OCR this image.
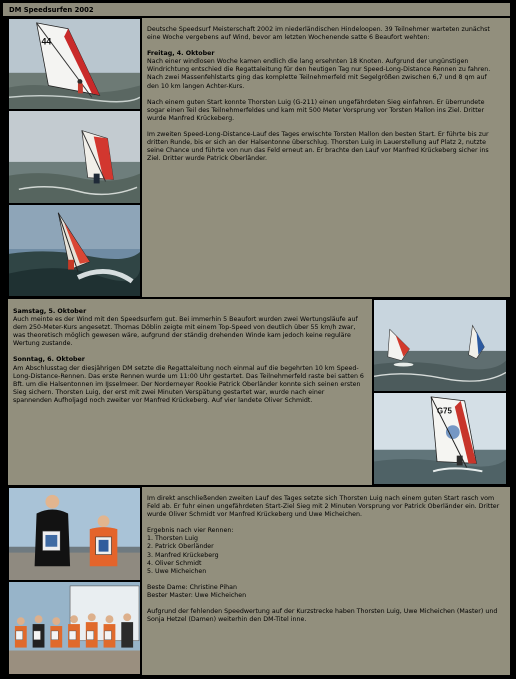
DM Speedsurfen 2002
44

Deutsche Speedsurf Meisterschaft 2002 im niederländischen Hindeloopen. 39 Teilnehmer warteten zunächst eine Woche vergebens auf Wind, bevor am letzten Wochenende satte 6 Beaufort wehten:

Freitag, 4. Oktober

Nach einer windlosen Woche kamen endlich die lang ersehnten 18 Knoten. Aufgrund der ungünstigen Windrichtung entschied die Regattaleitung für den heutigen Tag nur Speed-Long-Distance Rennen zu fahren. Nach zwei Massenfehlstarts ging das komplette Teilnehmerfeld mit Segelgrößen zwischen 6,7 und 8 qm auf den 10 km langen Achter-Kurs.

Nach einem guten Start konnte Thorsten Luig (G-211) einen ungefährdeten Sieg einfahren. Er überrundete sogar einen Teil des Teilnehmerfeldes und kam mit 500 Meter Vorsprung vor Torsten Mallon ins Ziel. Dritter wurde Manfred Krückeberg.

Im zweiten Speed-Long-Distance-Lauf des Tages erwischte Torsten Mallon den besten Start. Er führte bis zur dritten Runde, bis er sich an der Halsentonne überschlug. Thorsten Luig in Lauerstellung auf Platz 2, nutzte seine Chance und führte von nun das Feld erneut an. Er brachte den Lauf vor Manfred Krückeberg sicher ins Ziel. Dritter wurde Patrick Oberländer.

Samstag, 5. Oktober

Auch meinte es der Wind mit den Speedsurfern gut. Bei immerhin 5 Beaufort wurden zwei Wertungsläufe auf dem 250-Meter-Kurs angesetzt. Thomas Döblin zeigte mit einem Top-Speed von deutlich über 55 km/h zwar, was theoretisch möglich gewesen wäre, aufgrund der ständig drehenden Winde kam jedoch keine reguläre Wertung zustande.

Sonntag, 6. Oktober

Am Abschlusstag der diesjährigen DM setzte die Regattaleitung noch einmal auf die begehrten 10 km Speed-Long-Distance-Rennen. Das erste Rennen wurde um 11:00 Uhr gestartet. Das Teilnehmerfeld raste bei satten 6 Bft. um die Halsentonnen im IJsselmeer. Der Norderneyer Rookie Patrick Oberländer konnte sich seinen ersten Sieg sichern. Thorsten Luig, der erst mit zwei Minuten Verspätung gestartet war, wurde nach einer spannenden Aufholjagd noch zweiter vor Manfred Krückeberg. Auf vier landete Oliver Schmidt.

G75

Im direkt anschließenden zweiten Lauf des Tages setzte sich Thorsten Luig nach einem guten Start rasch vom Feld ab. Er fuhr einen ungefährdeten Start-Ziel Sieg mit 2 Minuten Vorsprung vor Patrick Oberländer ein. Dritter wurde Oliver Schmidt vor Manfred Krückeberg und Uwe Micheichen.

Ergebnis nach vier Rennen:

1. Thorsten Luig
2. Patrick Oberländer
3. Manfred Krückeberg
4. Oliver Schmidt
5. Uwe Micheichen

Beste Dame: Christine Pihan

Bester Master: Uwe Micheichen

Aufgrund der fehlenden Speedwertung auf der Kurzstrecke haben Thorsten Luig, Uwe Micheichen (Master) und Sonja Hetzel (Damen) weiterhin den DM-Titel inne.
